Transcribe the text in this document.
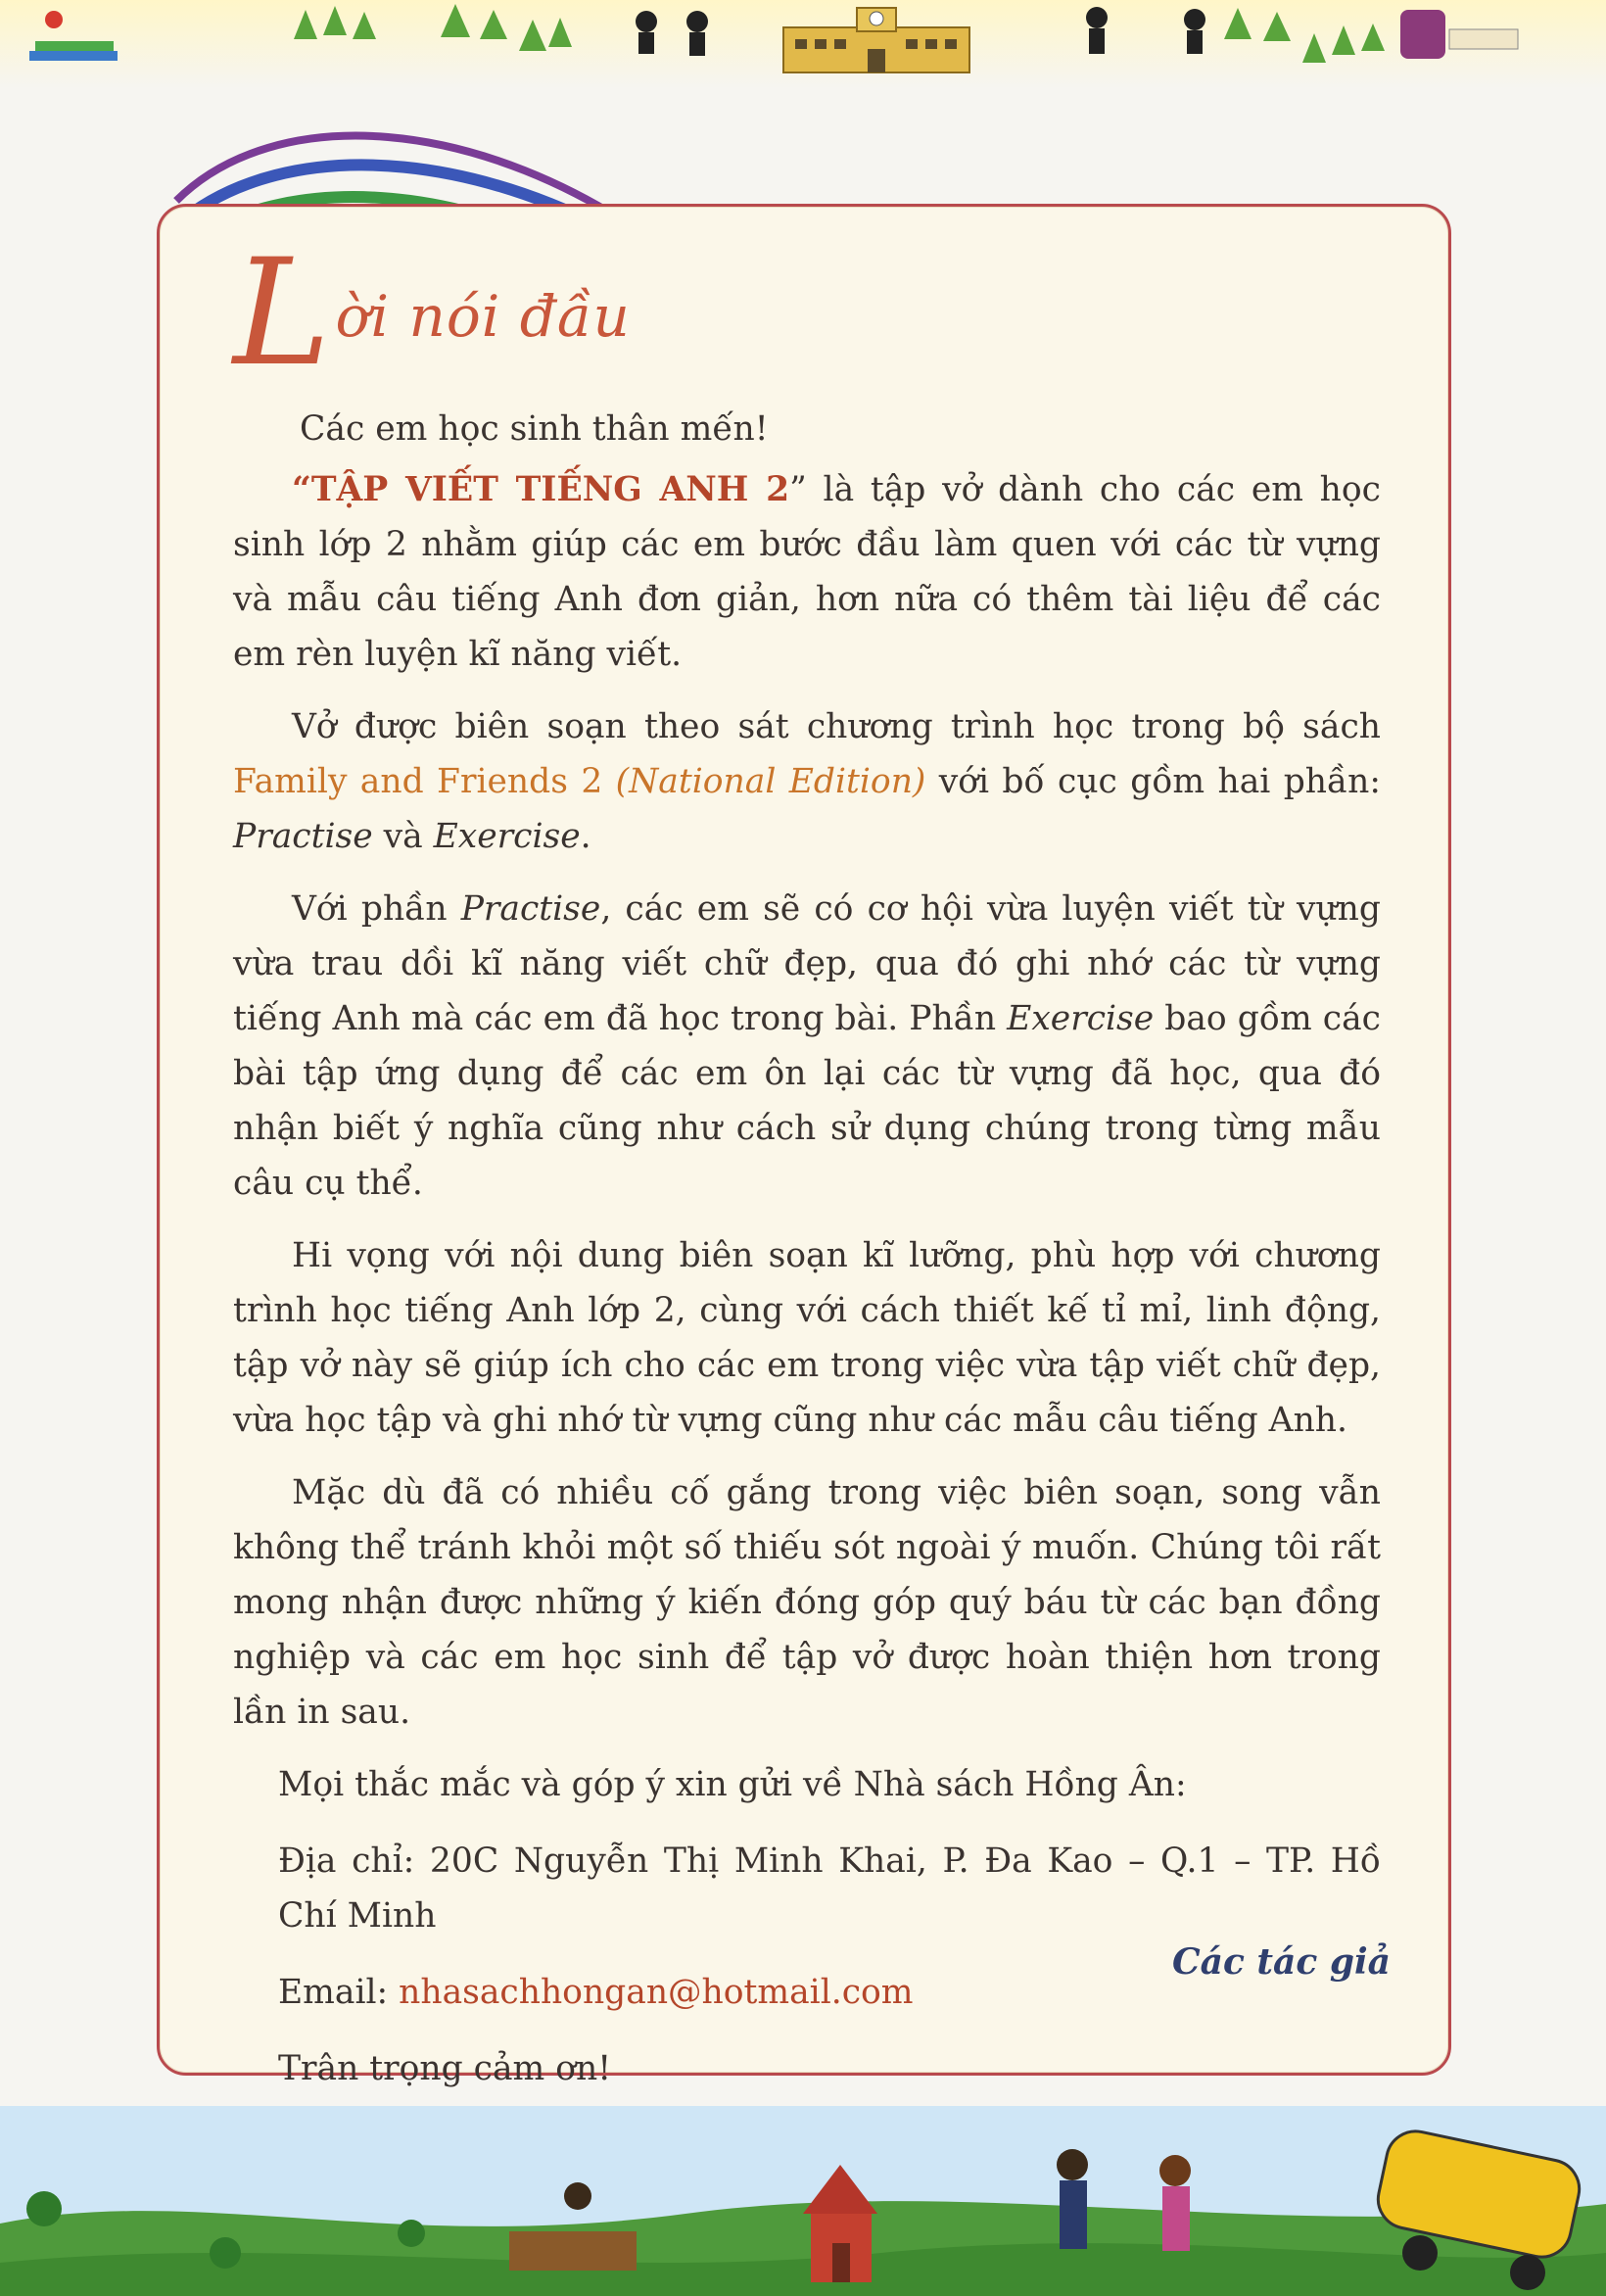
Lời nói đầu

Các em học sinh thân mến!

“TẬP VIẾT TIẾNG ANH 2” là tập vở dành cho các em học sinh lớp 2 nhằm giúp các em bước đầu làm quen với các từ vựng và mẫu câu tiếng Anh đơn giản, hơn nữa có thêm tài liệu để các em rèn luyện kĩ năng viết.

Vở được biên soạn theo sát chương trình học trong bộ sách Family and Friends 2 (National Edition) với bố cục gồm hai phần: Practise và Exercise.

Với phần Practise, các em sẽ có cơ hội vừa luyện viết từ vựng vừa trau dồi kĩ năng viết chữ đẹp, qua đó ghi nhớ các từ vựng tiếng Anh mà các em đã học trong bài. Phần Exercise bao gồm các bài tập ứng dụng để các em ôn lại các từ vựng đã học, qua đó nhận biết ý nghĩa cũng như cách sử dụng chúng trong từng mẫu câu cụ thể.

Hi vọng với nội dung biên soạn kĩ lưỡng, phù hợp với chương trình học tiếng Anh lớp 2, cùng với cách thiết kế tỉ mỉ, linh động, tập vở này sẽ giúp ích cho các em trong việc vừa tập viết chữ đẹp, vừa học tập và ghi nhớ từ vựng cũng như các mẫu câu tiếng Anh.

Mặc dù đã có nhiều cố gắng trong việc biên soạn, song vẫn không thể tránh khỏi một số thiếu sót ngoài ý muốn. Chúng tôi rất mong nhận được những ý kiến đóng góp quý báu từ các bạn đồng nghiệp và các em học sinh để tập vở được hoàn thiện hơn trong lần in sau.

Mọi thắc mắc và góp ý xin gửi về Nhà sách Hồng Ân:

Địa chỉ: 20C Nguyễn Thị Minh Khai, P. Đa Kao – Q.1 – TP. Hồ Chí Minh

Email: nhasachhongan@hotmail.com

Trân trọng cảm ơn!

Các tác giả
